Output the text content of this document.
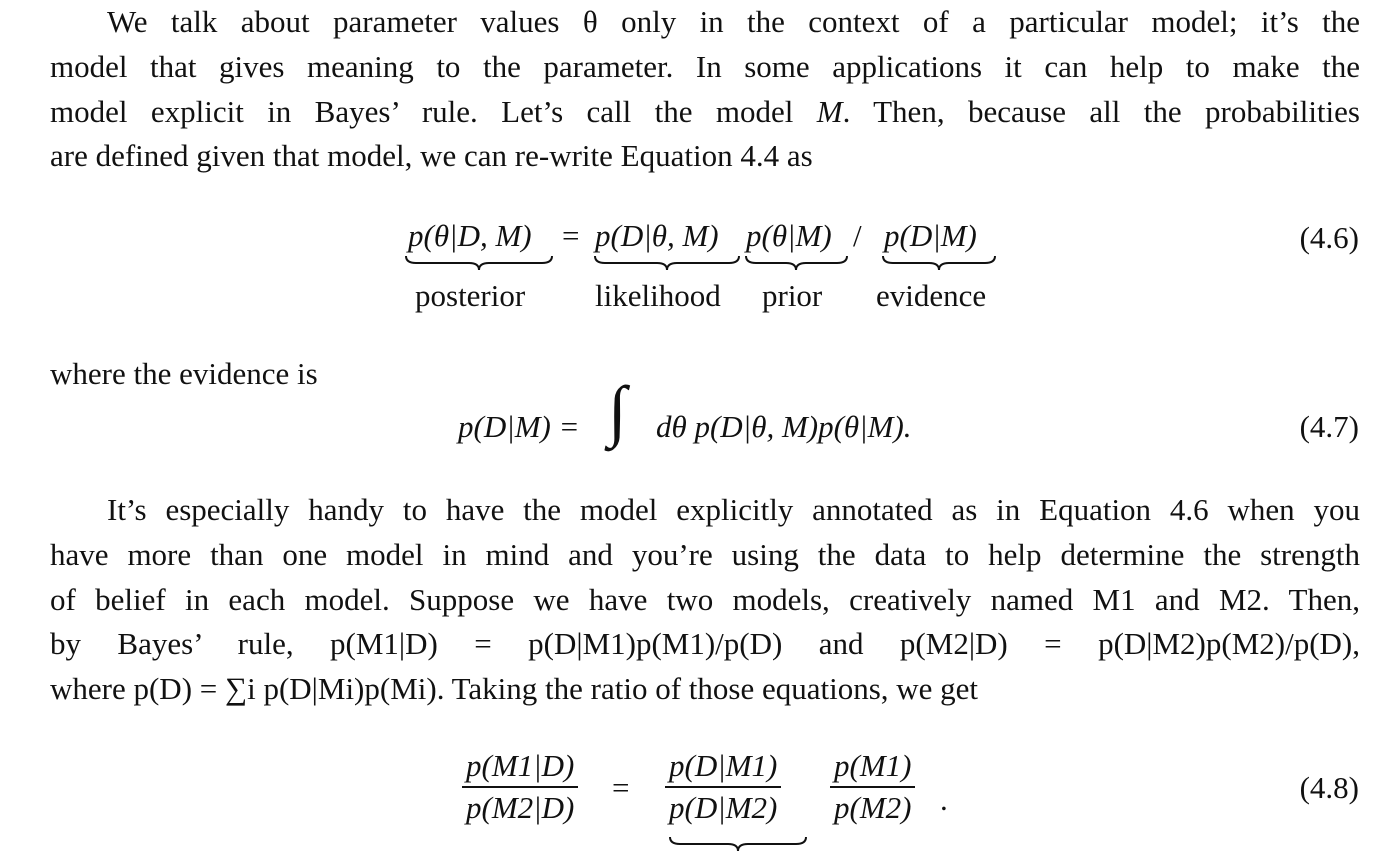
We talk about parameter values θ only in the context of a particular model; it’s the
model that gives meaning to the parameter. In some applications it can help to make the
model explicit in Bayes’ rule. Let’s call the model M. Then, because all the probabilities
are defined given that model, we can re-write Equation 4.4 as
p(θ|D, M) = p(D|θ, M) p(θ|M) / p(D|M)
posterior likelihood prior evidence
(4.6)
where the evidence is
p(D|M) = ∫ dθ p(D|θ, M)p(θ|M).	(4.7)
It’s especially handy to have the model explicitly annotated as in Equation 4.6 when you
have more than one model in mind and you’re using the data to help determine the strength
of belief in each model. Suppose we have two models, creatively named M1 and M2. Then,
by Bayes’ rule, p(M1|D) = p(D|M1)p(M1)/p(D) and p(M2|D) = p(D|M2)p(M2)/p(D),
where p(D) = ∑i p(D|Mi)p(Mi). Taking the ratio of those equations, we get
$\frac{p(M1|D)}{p(M2|D)} = \frac{p(D|M1)}{p(D|M2)} \frac{p(M1)}{p(M2)}$ .	(4.8)
